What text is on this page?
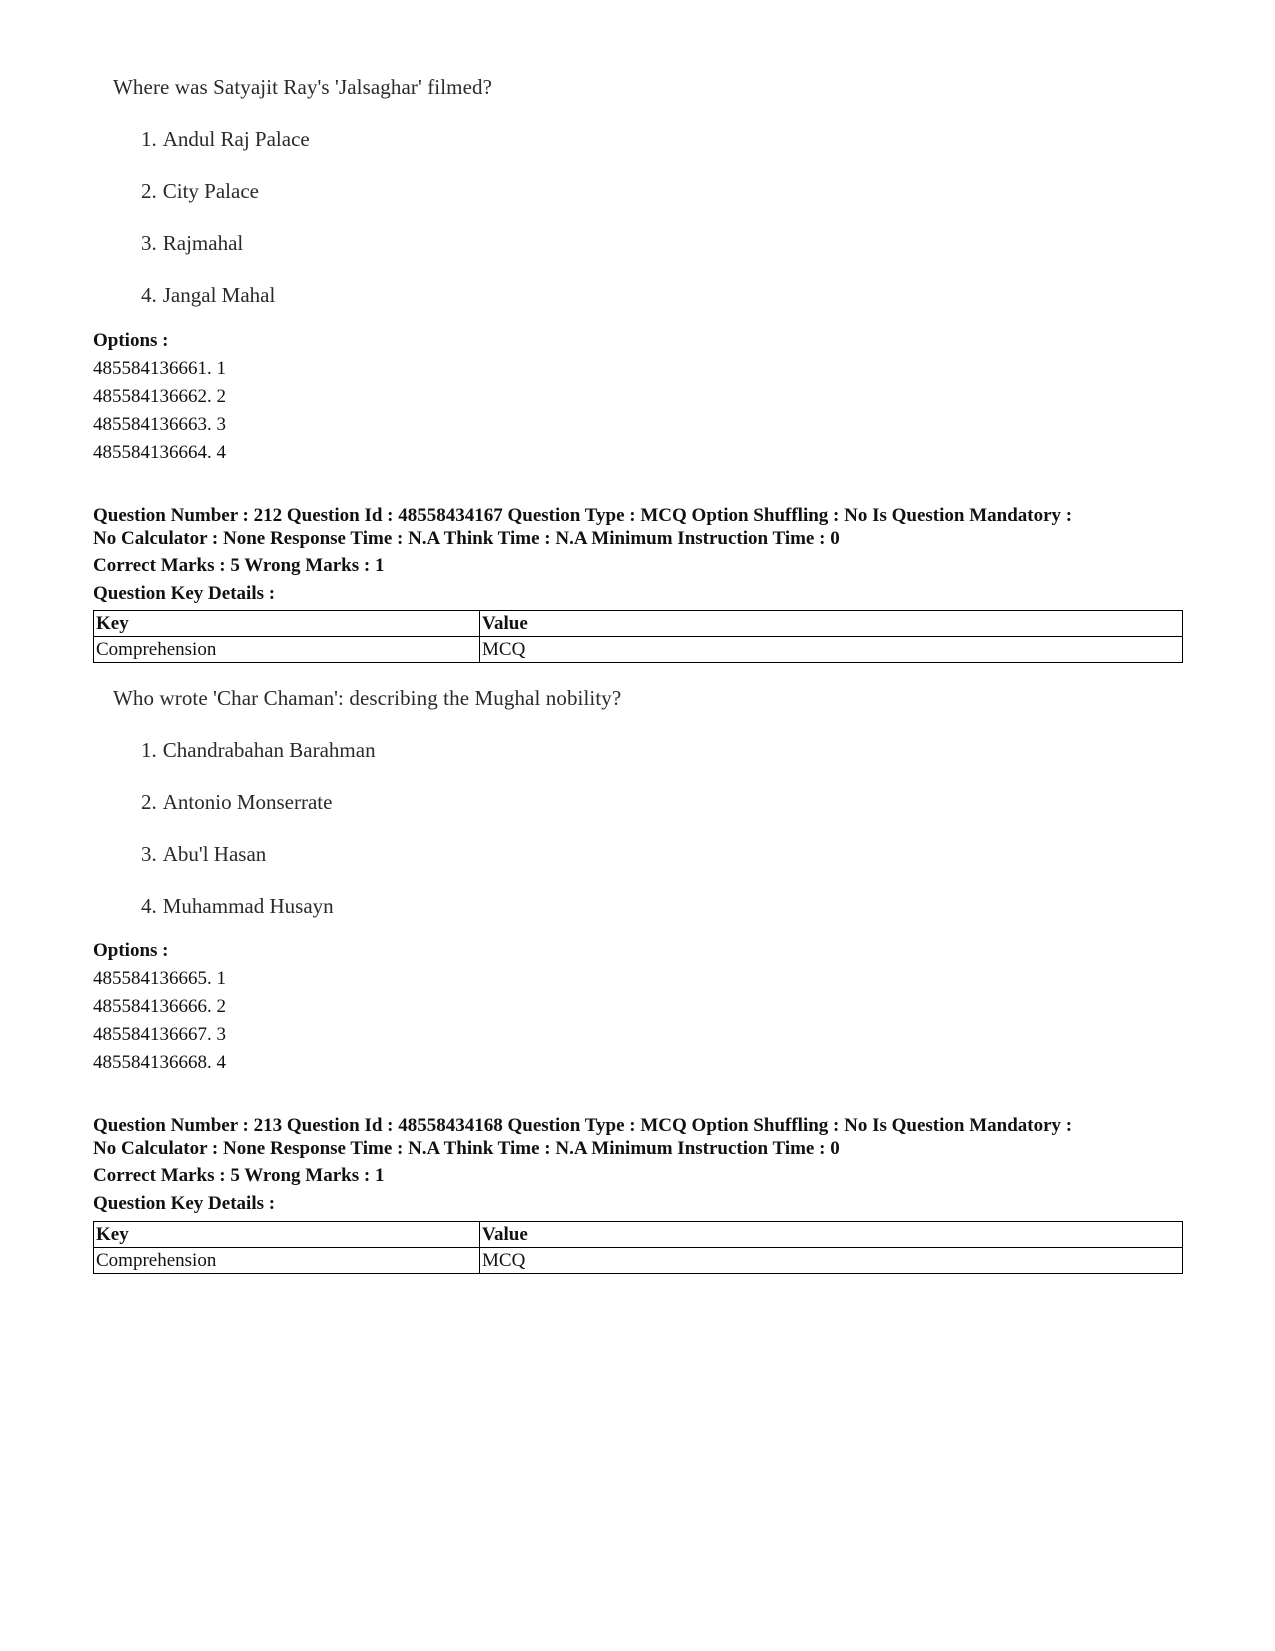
Where was Satyajit Ray's 'Jalsaghar' filmed?
1. Andul Raj Palace
2. City Palace
3. Rajmahal
4. Jangal Mahal
Options :
485584136661. 1
485584136662. 2
485584136663. 3
485584136664. 4
Question Number : 212 Question Id : 48558434167 Question Type : MCQ Option Shuffling : No Is Question Mandatory :
No Calculator : None Response Time : N.A Think Time : N.A Minimum Instruction Time : 0
Correct Marks : 5 Wrong Marks : 1
Question Key Details :
Key	Value
Comprehension	MCQ
Who wrote 'Char Chaman': describing the Mughal nobility?
1. Chandrabahan Barahman
2. Antonio Monserrate
3. Abu'l Hasan
4. Muhammad Husayn
Options :
485584136665. 1
485584136666. 2
485584136667. 3
485584136668. 4
Question Number : 213 Question Id : 48558434168 Question Type : MCQ Option Shuffling : No Is Question Mandatory :
No Calculator : None Response Time : N.A Think Time : N.A Minimum Instruction Time : 0
Correct Marks : 5 Wrong Marks : 1
Question Key Details :
Key	Value
Comprehension	MCQ
